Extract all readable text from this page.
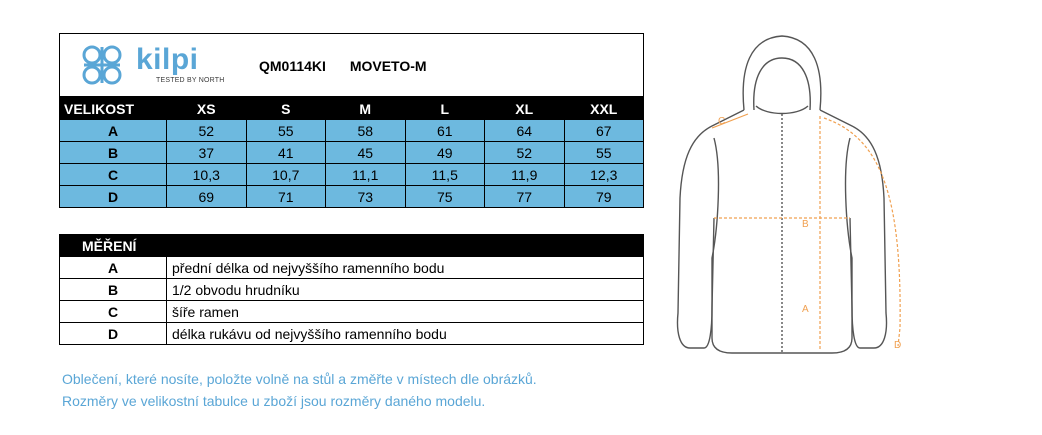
kilpi
TESTED BY NORTH
QM0114KI MOVETO-M
VELIKOST	XS	S	M	L	XL	XXL
A	52	55	58	61	64	67
B	37	41	45	49	52	55
C	10,3	10,7	11,1	11,5	11,9	12,3
D	69	71	73	75	77	79
MĚŘENÍ	
A	přední délka od nejvyššího ramenního bodu
B	1/2 obvodu hrudníku
C	šíře ramen
D	délka rukávu od nejvyššího ramenního bodu
Oblečení, které nosíte, položte volně na stůl a změřte v místech dle obrázků.
Rozměry ve velikostní tabulce u zboží jsou rozměry daného modelu.
C
B
A
D
